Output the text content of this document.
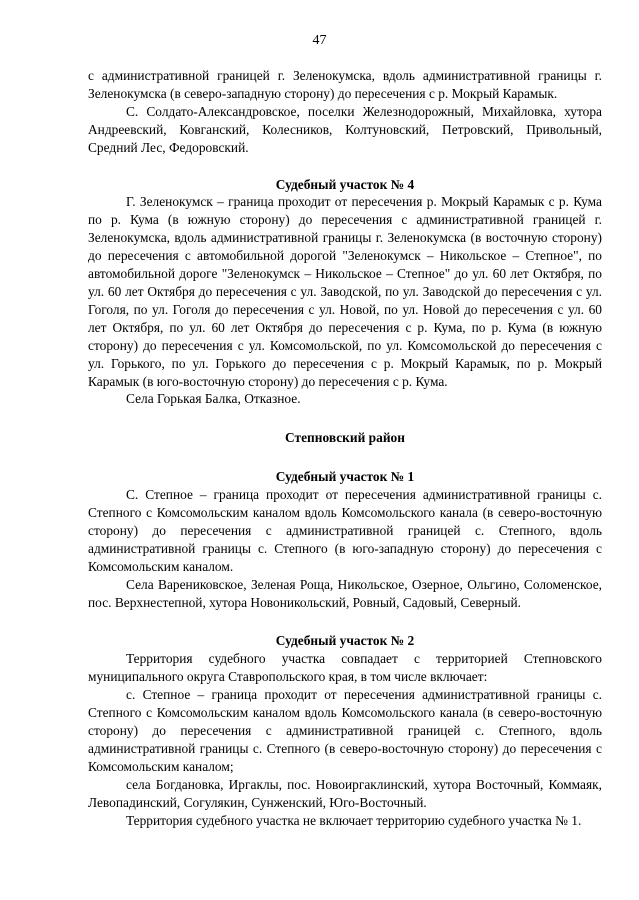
47

с административной границей г. Зеленокумска, вдоль административной границы г. Зеленокумска (в северо-западную сторону) до пересечения с р. Мокрый Карамык.

С. Солдато-Александровское, поселки Железнодорожный, Михайловка, хутора Андреевский, Ковганский, Колесников, Колтуновский, Петровский, Привольный, Средний Лес, Федоровский.

Судебный участок № 4

Г. Зеленокумск – граница проходит от пересечения р. Мокрый Карамык с р. Кума по р. Кума (в южную сторону) до пересечения с административной границей г. Зеленокумска, вдоль административной границы г. Зеленокумска (в восточную сторону) до пересечения с автомобильной дорогой "Зеленокумск – Никольское – Степное", по автомобильной дороге "Зеленокумск – Никольское – Степное" до ул. 60 лет Октября, по ул. 60 лет Октября до пересечения с ул. Заводской, по ул. Заводской до пересечения с ул. Гоголя, по ул. Гоголя до пересечения с ул. Новой, по ул. Новой до пересечения с ул. 60 лет Октября, по ул. 60 лет Октября до пересечения с р. Кума, по р. Кума (в южную сторону) до пересечения с ул. Комсомольской, по ул. Комсомольской до пересечения с ул. Горького, по ул. Горького до пересечения с р. Мокрый Карамык, по р. Мокрый Карамык (в юго-восточную сторону) до пересечения с р. Кума.

Села Горькая Балка, Отказное.

Степновский район
Судебный участок № 1

С. Степное – граница проходит от пересечения административной границы с. Степного с Комсомольским каналом вдоль Комсомольского канала (в северо-восточную сторону) до пересечения с административной границей с. Степного, вдоль административной границы с. Степного (в юго-западную сторону) до пересечения с Комсомольским каналом.

Села Варениковское, Зеленая Роща, Никольское, Озерное, Ольгино, Соломенское, пос. Верхнестепной, хутора Новоникольский, Ровный, Садовый, Северный.

Судебный участок № 2

Территория судебного участка совпадает с территорией Степновского муниципального округа Ставропольского края, в том числе включает:

с. Степное – граница проходит от пересечения административной границы с. Степного с Комсомольским каналом вдоль Комсомольского канала (в северо-восточную сторону) до пересечения с административной границей с. Степного, вдоль административной границы с. Степного (в северо-восточную сторону) до пересечения с Комсомольским каналом;

села Богдановка, Иргаклы, пос. Новоиргаклинский, хутора Восточный, Коммаяк, Левопадинский, Согулякин, Сунженский, Юго-Восточный.

Территория судебного участка не включает территорию судебного участка № 1.
